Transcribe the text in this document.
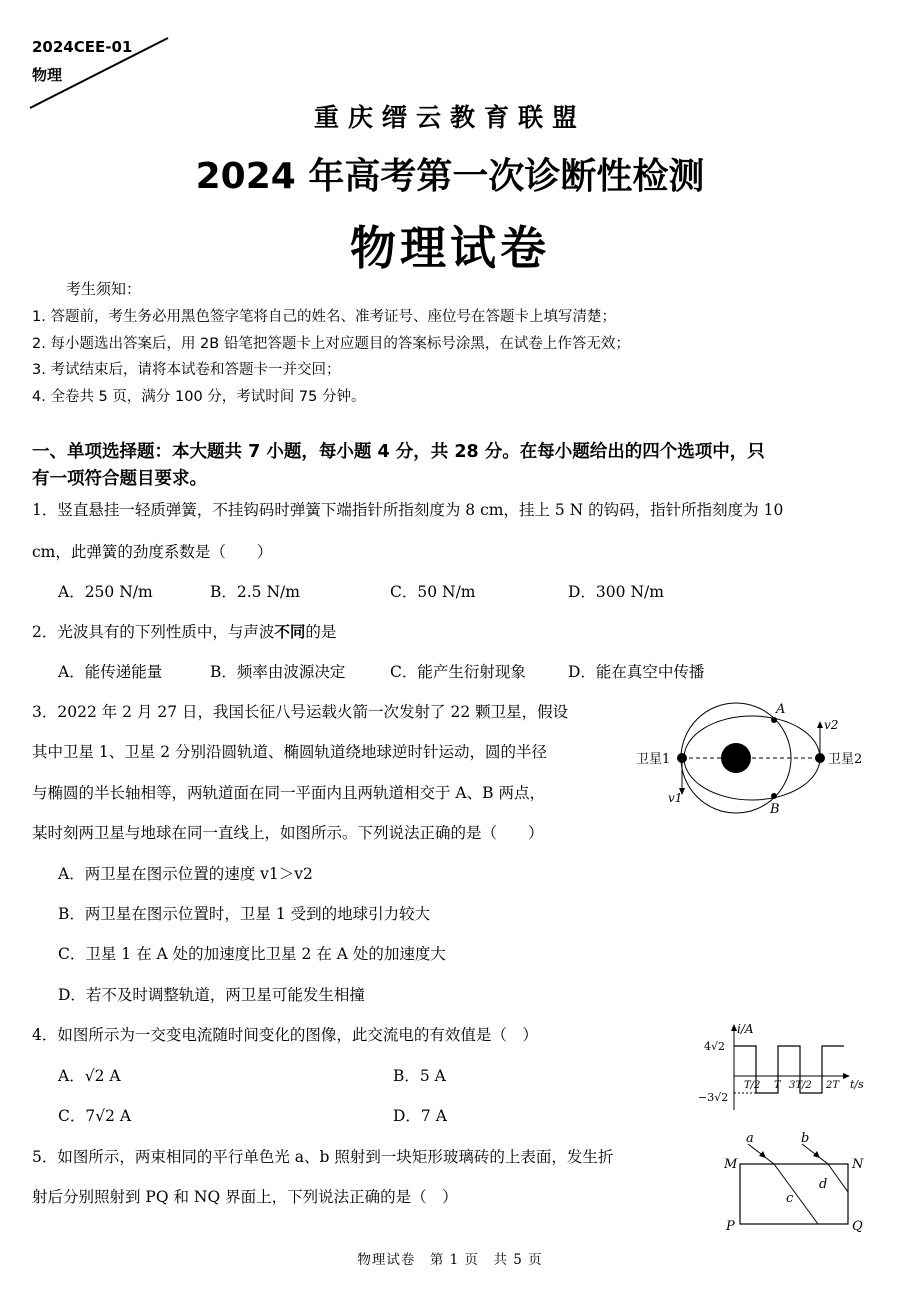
2024CEE-01
物理
重庆缙云教育联盟
2024 年高考第一次诊断性检测
物理试卷
考生须知：
1. 答题前，考生务必用黑色签字笔将自己的姓名、准考证号、座位号在答题卡上填写清楚；
2. 每小题选出答案后，用 2B 铅笔把答题卡上对应题目的答案标号涂黑，在试卷上作答无效；
3. 考试结束后，请将本试卷和答题卡一并交回；
4. 全卷共 5 页，满分 100 分，考试时间 75 分钟。
一、单项选择题：本大题共 7 小题，每小题 4 分，共 28 分。在每小题给出的四个选项中，只
有一项符合题目要求。
1．竖直悬挂一轻质弹簧，不挂钩码时弹簧下端指针所指刻度为 8 cm，挂上 5 N 的钩码，指针所指刻度为 10
cm，此弹簧的劲度系数是（　　）
A．250 N/m	B．2.5 N/m	C．50 N/m	D．300 N/m
2．光波具有的下列性质中，与声波不同的是
A．能传递能量	B．频率由波源决定	C．能产生衍射现象	D．能在真空中传播
3．2022 年 2 月 27 日，我国长征八号运载火箭一次发射了 22 颗卫星，假设
其中卫星 1、卫星 2 分别沿圆轨道、椭圆轨道绕地球逆时针运动，圆的半径
与椭圆的半长轴相等，两轨道面在同一平面内且两轨道相交于 A、B 两点，
某时刻两卫星与地球在同一直线上，如图所示。下列说法正确的是（　　）
A．两卫星在图示位置的速度 v1＞v2
B．两卫星在图示位置时，卫星 1 受到的地球引力较大
C．卫星 1 在 A 处的加速度比卫星 2 在 A 处的加速度大
D．若不及时调整轨道，两卫星可能发生相撞
卫星1	卫星2
A
B
v1
v2
4．如图所示为一交变电流随时间变化的图像，此交流电的有效值是（　）
A．√2 A	B．5 A
C．7√2 A	D．7 A
i/A
4√2
−3√2
T/2 T 3T/2 2T t/s
5．如图所示，两束相同的平行单色光 a、b 照射到一块矩形玻璃砖的上表面，发生折
射后分别照射到 PQ 和 NQ 界面上，下列说法正确的是（　）
a	b
c
d
M	N
P	Q
物理试卷　第 1 页　共 5 页
